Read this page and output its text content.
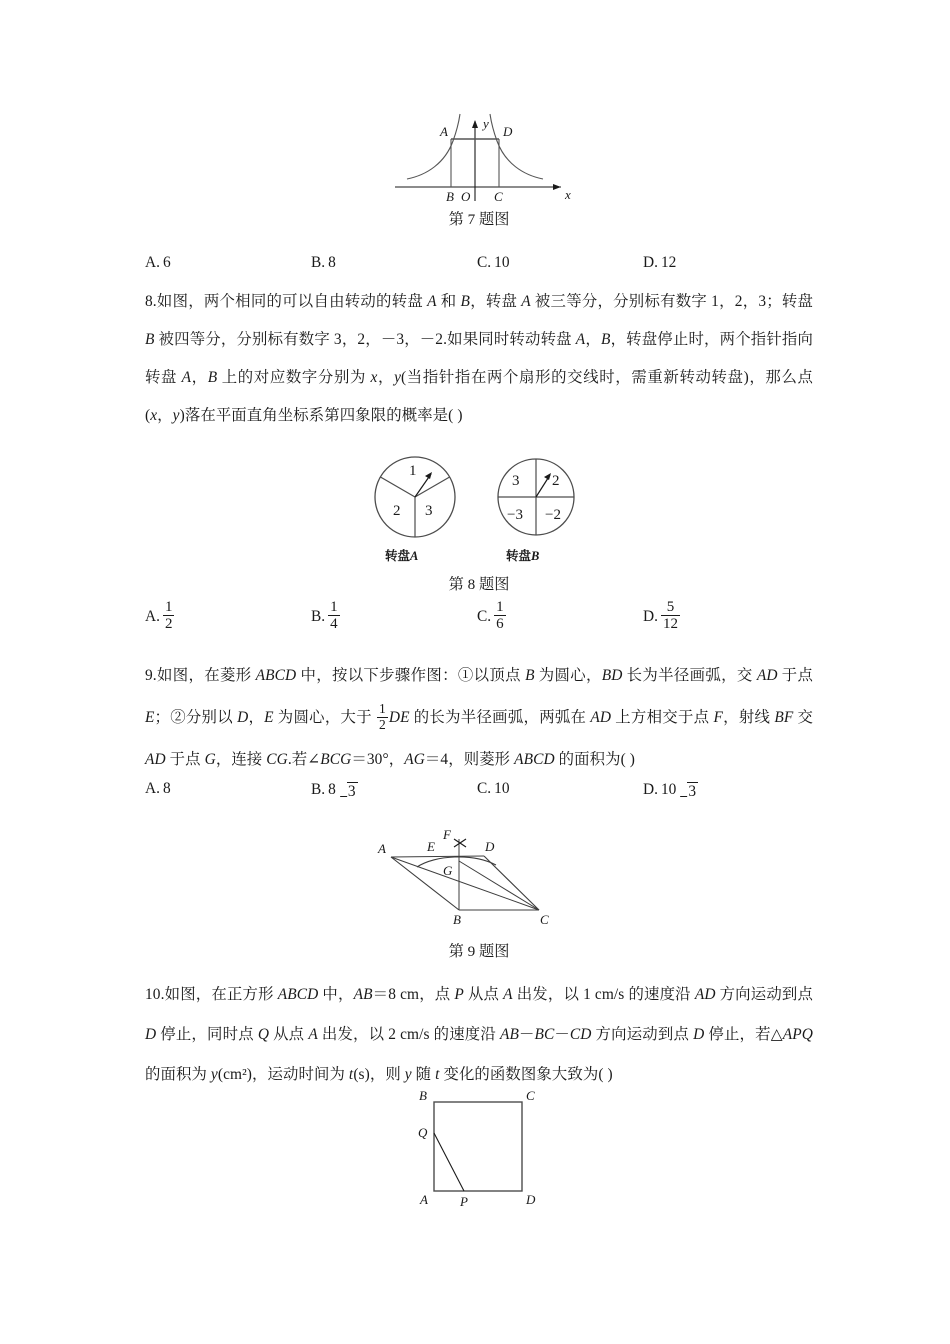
A	D
B O C
y
x
第 7 题图
A. 6	B. 8	C. 10	D. 12
8.如图，两个相同的可以自由转动的转盘 A 和 B，转盘 A 被三等分，分别标有数字 1，2，3；转盘 B 被四等分，分别标有数字 3，2，－3，－2.如果同时转动转盘 A，B，转盘停止时，两个指针指向转盘 A，B 上的对应数字分别为 x，y(当指针指在两个扇形的交线时，需重新转动转盘)，那么点(x，y)落在平面直角坐标系第四象限的概率是( )
1
2 3
转盘A
3 2
−3 −2
转盘B
第 8 题图
A. $\frac{1}{2}$	B. $\frac{1}{4}$	C. $\frac{1}{6}$	D. $\frac{5}{12}$
9.如图，在菱形 ABCD 中，按以下步骤作图：①以顶点 B 为圆心，BD 长为半径画弧，交 AD 于点 E；②分别以 D，E 为圆心，大于 $\frac{1}{2}$ DE 的长为半径画弧，两弧在 AD 上方相交于点 F，射线 BF 交 AD 于点 G，连接 CG.若∠BCG＝30°，AG＝4，则菱形 ABCD 的面积为( )
A. 8	B. 8 3	C. 10	D. 10 3
A	E
F
D
G
B	C
第 9 题图
10.如图，在正方形 ABCD 中，AB＝8 cm，点 P 从点 A 出发，以 1 cm/s 的速度沿 AD 方向运动到点 D 停止，同时点 Q 从点 A 出发，以 2 cm/s 的速度沿 AB－BC－CD 方向运动到点 D 停止，若△APQ 的面积为 y(cm²)，运动时间为 t(s)，则 y 随 t 变化的函数图象大致为( )
B	C
Q
A P	D
